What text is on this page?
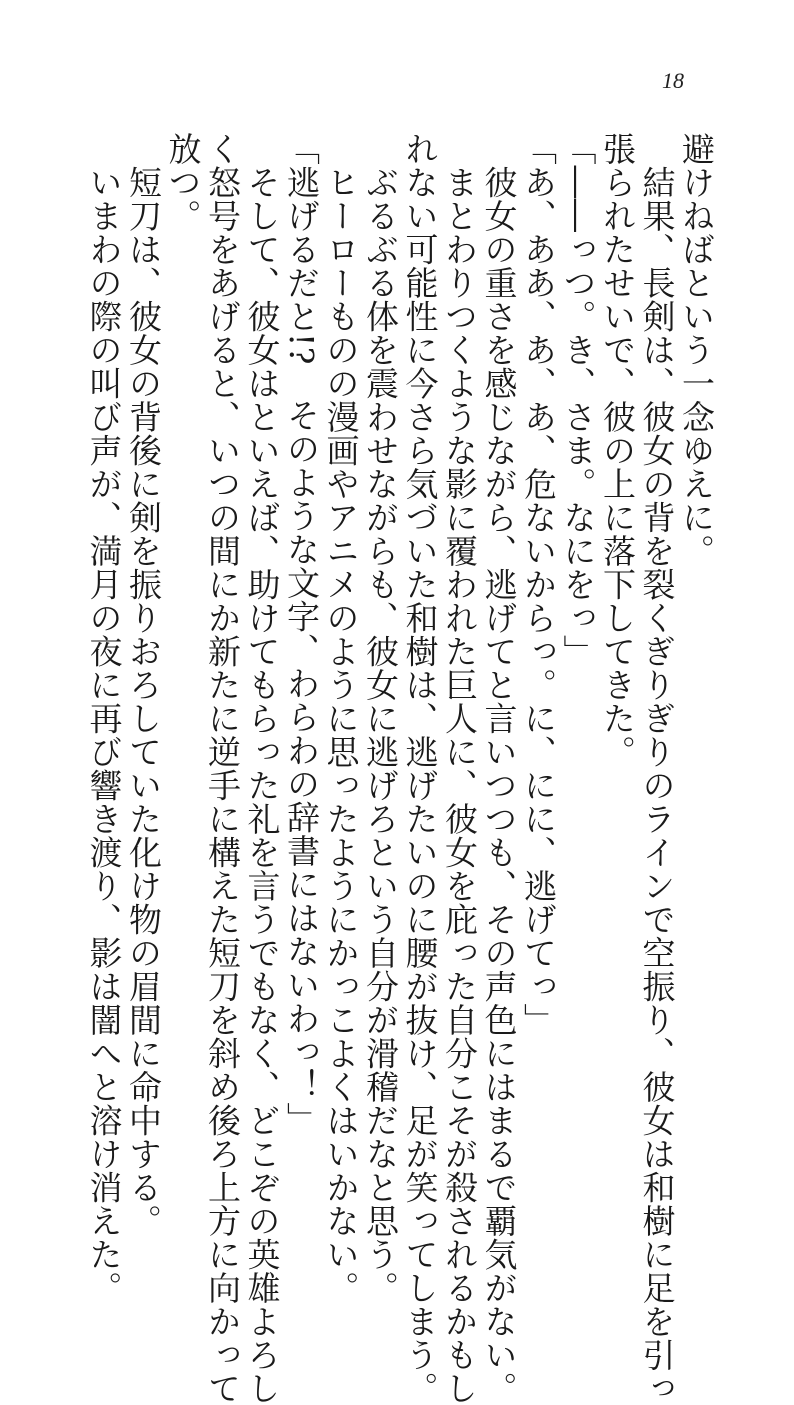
18
避けねばという一念ゆえに。
　結果、長剣は、彼女の背を裂くぎりぎりのラインで空振り、彼女は和樹に足を引っ
張られたせいで、彼の上に落下してきた。
「――っつ。き、さま。なにをっ」
「あ、ああ、あ、あ、危ないからっ。に、にに、逃げてっ」
　彼女の重さを感じながら、逃げてと言いつつも、その声色にはまるで覇気がない。
　まとわりつくような影に覆われた巨人に、彼女を庇った自分こそが殺されるかもし
れない可能性に今さら気づいた和樹は、逃げたいのに腰が抜け、足が笑ってしまう。
　ぶるぶる体を震わせながらも、彼女に逃げろという自分が滑稽だなと思う。
　ヒーローものの漫画やアニメのように思ったようにかっこよくはいかない。
「逃げるだと!?　そのような文字、わらわの辞書にはないわっ！」
　そして、彼女はといえば、助けてもらった礼を言うでもなく、どこぞの英雄よろし
く怒号をあげると、いつの間にか新たに逆手に構えた短刀を斜め後ろ上方に向かって
放つ。
　短刀は、彼女の背後に剣を振りおろしていた化け物の眉間に命中する。
　いまわの際の叫び声が、満月の夜に再び響き渡り、影は闇へと溶け消えた。
